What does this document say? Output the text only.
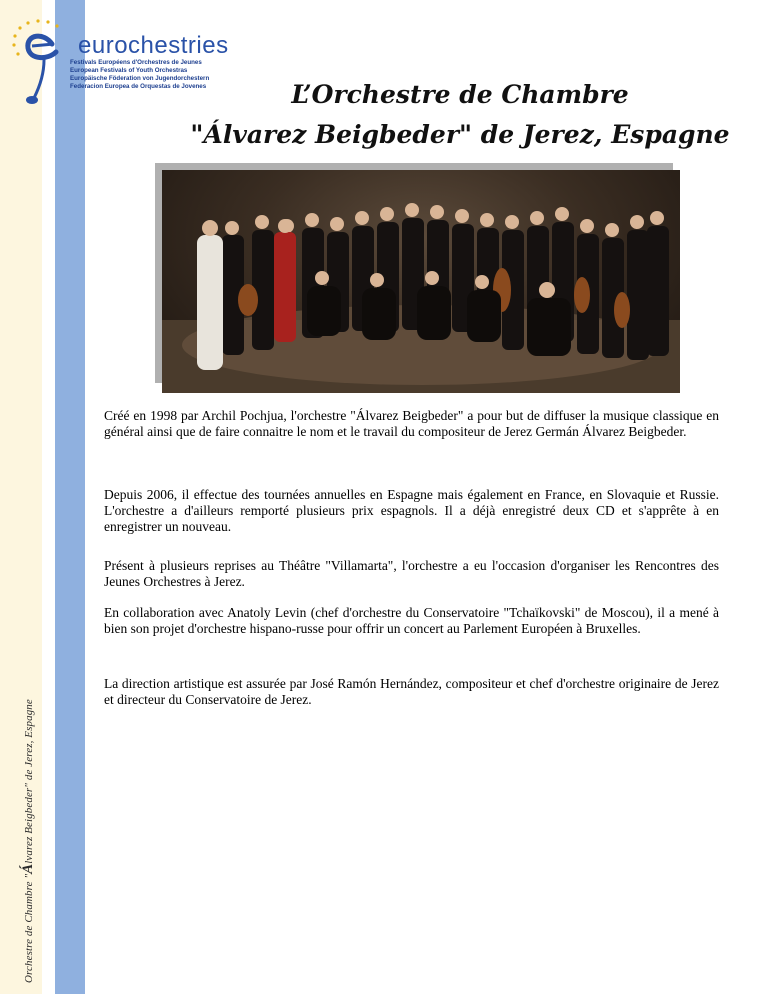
Orchestre de Chambre "Álvarez Beigbeder" de Jerez, Espagne
eurochestries
Festivals Européens d'Orchestres de Jeunes
European Festivals of Youth Orchestras
Europäische Föderation von Jugendorchestern
Federacion Europea de Orquestas de Jovenes	L’Orchestre de Chambre
"Álvarez Beigbeder" de Jerez, Espagne
Créé en 1998 par Archil Pochjua, l'orchestre "Álvarez Beigbeder" a pour but de diffuser la musique classique en général ainsi que de faire connaitre le nom et le travail du compositeur de Jerez Germán Álvarez Beigbeder.
Depuis 2006, il effectue des tournées annuelles en Espagne mais également en France, en Slovaquie et Russie. L'orchestre a d'ailleurs remporté plusieurs prix espagnols. Il a déjà enregistré deux CD et s'apprête à en enregistrer un nouveau.
Présent à plusieurs reprises au Théâtre "Villamarta", l'orchestre a eu l'occasion d'organiser les Rencontres des Jeunes Orchestres à Jerez.
En collaboration avec Anatoly Levin (chef d'orchestre du Conservatoire "Tchaïkovski" de Moscou), il a mené à bien son projet d'orchestre hispano-russe pour offrir un concert au Parlement Européen à Bruxelles.
La direction artistique est assurée par José Ramón Hernández, compositeur et chef d'orchestre originaire de Jerez et directeur du Conservatoire de Jerez.
